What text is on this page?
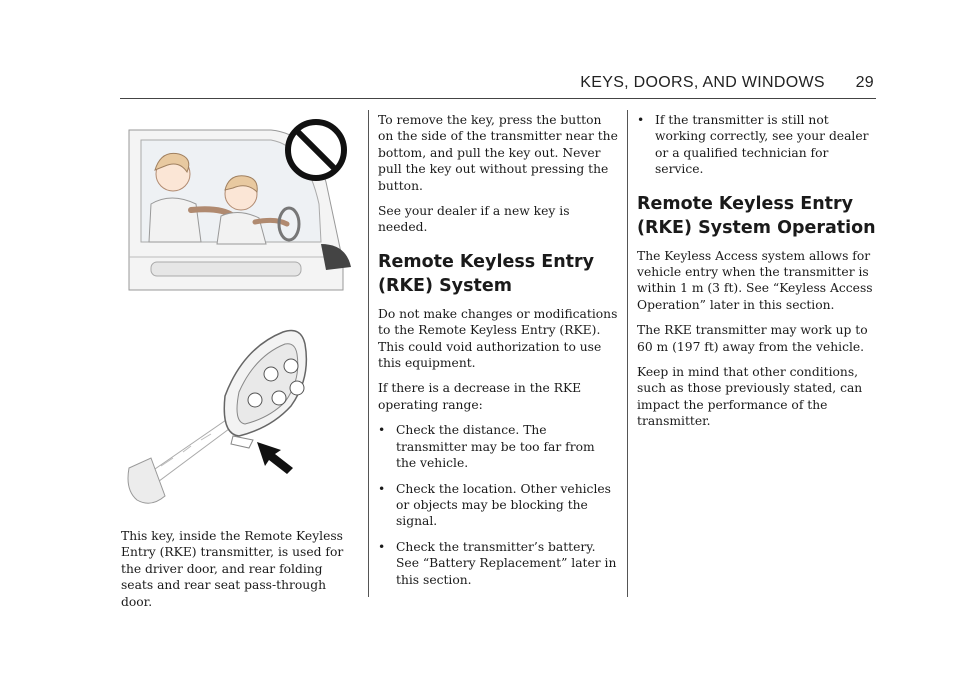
KEYS, DOORS, AND WINDOWS 29

This key, inside the Remote Keyless Entry (RKE) transmitter, is used for the driver door, and rear folding seats and rear seat pass-through door.

To remove the key, press the button on the side of the transmitter near the bottom, and pull the key out. Never pull the key out without pressing the button.

See your dealer if a new key is needed.

Remote Keyless Entry
(RKE) System

Do not make changes or modifications to the Remote Keyless Entry (RKE). This could void authorization to use this equipment.

If there is a decrease in the RKE operating range:

• Check the distance. The transmitter may be too far from the vehicle.
• Check the location. Other vehicles or objects may be blocking the signal.
• Check the transmitter’s battery. See “Battery Replacement” later in this section.
• If the transmitter is still not working correctly, see your dealer or a qualified technician for service.
Remote Keyless Entry
(RKE) System Operation

The Keyless Access system allows for vehicle entry when the transmitter is within 1 m (3 ft). See “Keyless Access Operation” later in this section.

The RKE transmitter may work up to 60 m (197 ft) away from the vehicle.

Keep in mind that other conditions, such as those previously stated, can impact the performance of the transmitter.
